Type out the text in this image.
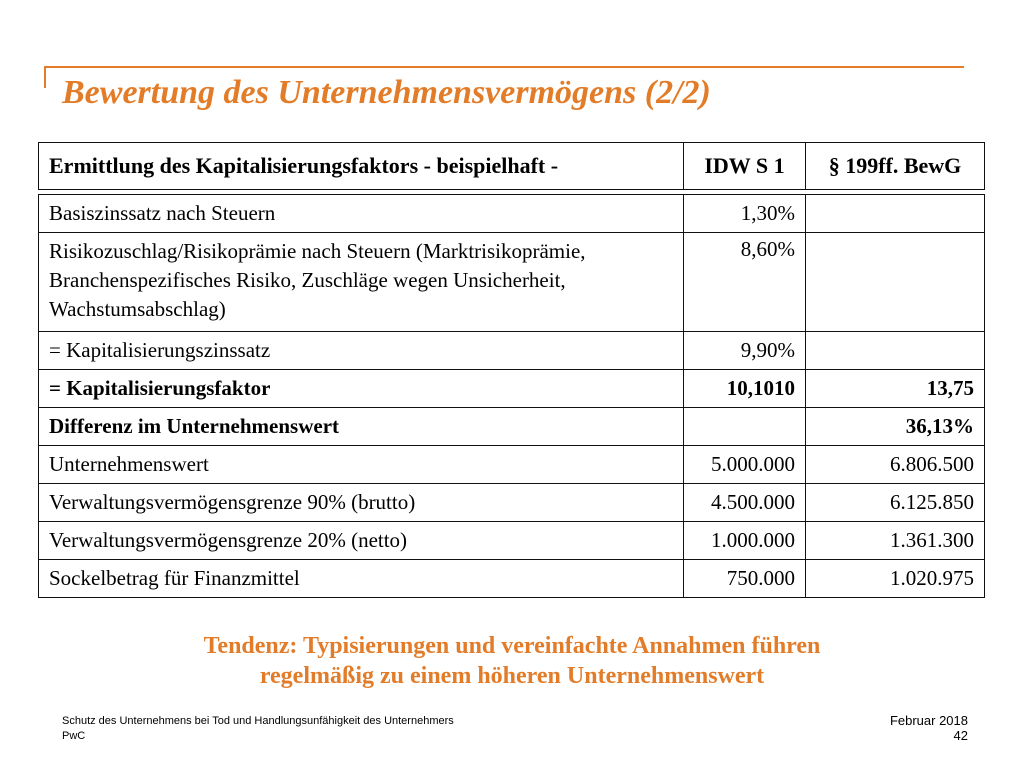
Bewertung des Unternehmensvermögens (2/2)
Ermittlung des Kapitalisierungsfaktors - beispielhaft -	IDW S 1	§ 199ff. BewG

Basiszinssatz nach Steuern	1,30%	
Risikozuschlag/Risikoprämie nach Steuern (Marktrisikoprämie, Branchenspezifisches Risiko, Zuschläge wegen Unsicherheit, Wachstumsabschlag)	8,60%	
= Kapitalisierungszinssatz	9,90%	
= Kapitalisierungsfaktor	10,1010	13,75
Differenz im Unternehmenswert		36,13%
Unternehmenswert	5.000.000	6.806.500
Verwaltungsvermögensgrenze 90% (brutto)	4.500.000	6.125.850
Verwaltungsvermögensgrenze 20% (netto)	1.000.000	1.361.300
Sockelbetrag für Finanzmittel	750.000	1.020.975
Tendenz: Typisierungen und vereinfachte Annahmen führen
regelmäßig zu einem höheren Unternehmenswert
Schutz des Unternehmens bei Tod und Handlungsunfähigkeit des Unternehmers
PwC
Februar 2018
42
